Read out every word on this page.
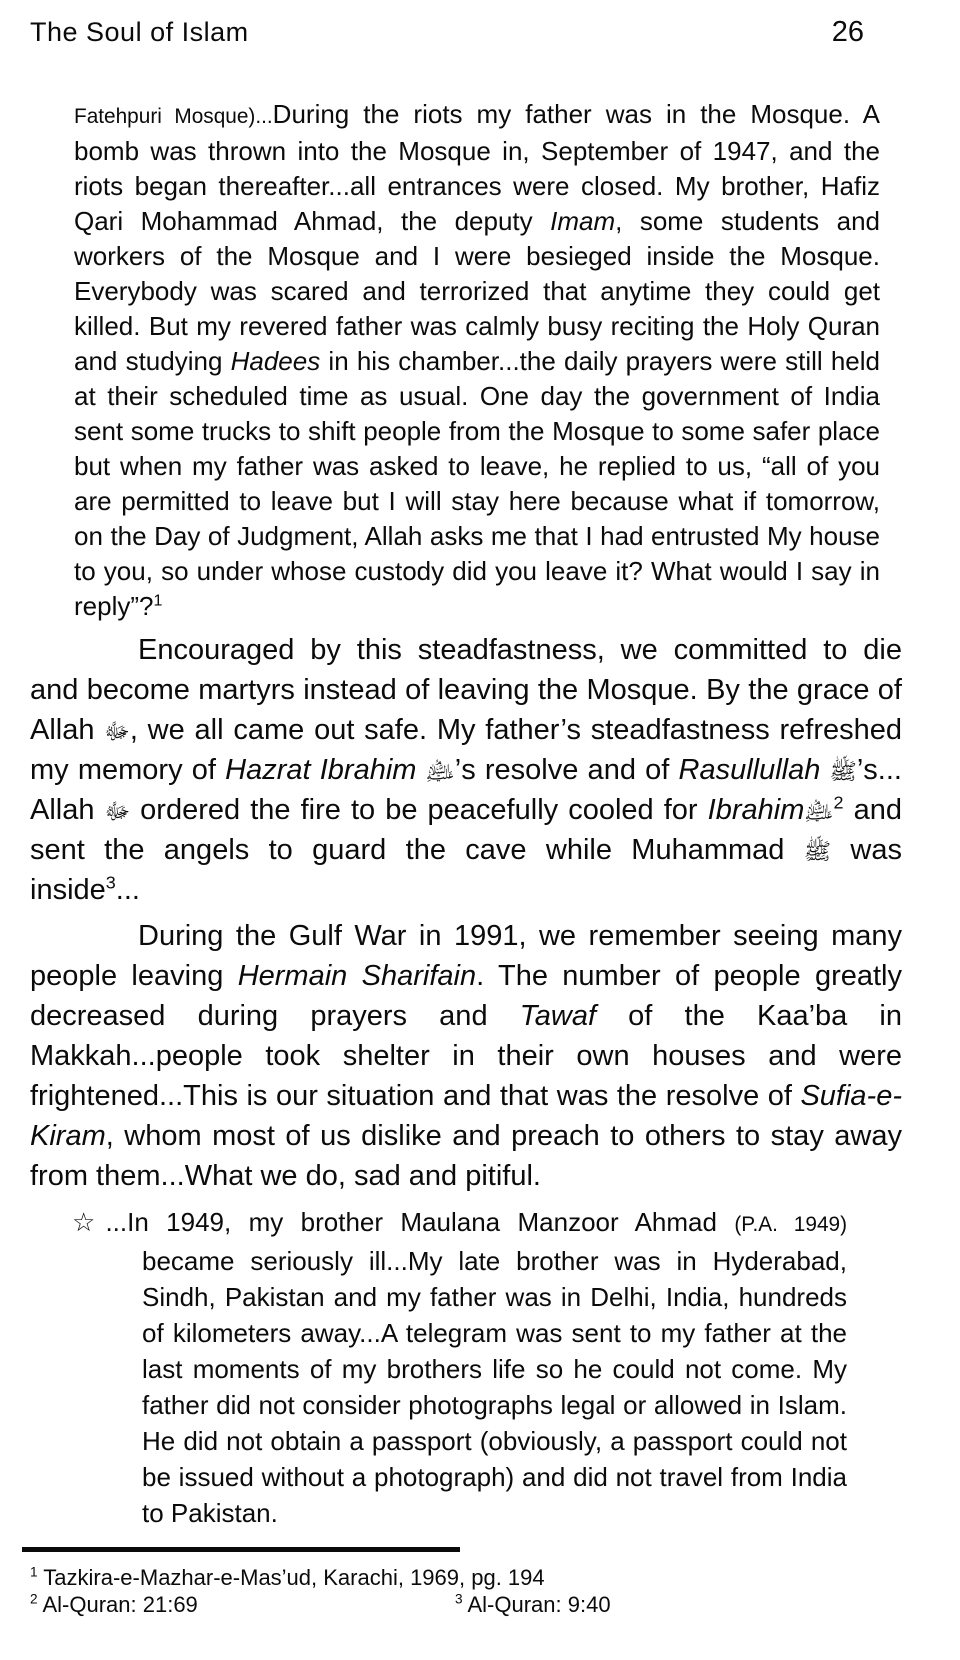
The Soul of Islam	26
Fatehpuri Mosque)...During the riots my father was in the Mosque. A bomb was thrown into the Mosque in, September of 1947, and the riots began thereafter...all entrances were closed. My brother, Hafiz Qari Mohammad Ahmad, the deputy Imam, some students and workers of the Mosque and I were besieged inside the Mosque. Everybody was scared and terrorized that anytime they could get killed. But my revered father was calmly busy reciting the Holy Quran and studying Hadees in his chamber...the daily prayers were still held at their scheduled time as usual. One day the government of India sent some trucks to shift people from the Mosque to some safer place but when my father was asked to leave, he replied to us, “all of you are permitted to leave but I will stay here because what if tomorrow, on the Day of Judgment, Allah asks me that I had entrusted My house to you, so under whose custody did you leave it? What would I say in reply”?$^1$
Encouraged by this steadfastness, we committed to die and become martyrs instead of leaving the Mosque. By the grace of Allah ﷻ, we all came out safe. My father’s steadfastness refreshed my memory of Hazrat Ibrahim ﵇’s resolve and of Rasullullah ﷺ’s... Allah ﷻ ordered the fire to be peacefully cooled for Ibrahim﵇$^2$ and sent the angels to guard the cave while Muhammad ﷺ was inside$^3$...
During the Gulf War in 1991, we remember seeing many people leaving Hermain Sharifain. The number of people greatly decreased during prayers and Tawaf of the Kaa’ba in Makkah...people took shelter in their own houses and were frightened...This is our situation and that was the resolve of Sufia-e-Kiram, whom most of us dislike and preach to others to stay away from them...What we do, sad and pitiful.
☆...In 1949, my brother Maulana Manzoor Ahmad (P.A. 1949) became seriously ill...My late brother was in Hyderabad, Sindh, Pakistan and my father was in Delhi, India, hundreds of kilometers away...A telegram was sent to my father at the last moments of my brothers life so he could not come. My father did not consider photographs legal or allowed in Islam. He did not obtain a passport (obviously, a passport could not be issued without a photograph) and did not travel from India to Pakistan.
$^1$ Tazkira-e-Mazhar-e-Mas’ud, Karachi, 1969, pg. 194
$^2$ Al-Quran: 21:69	$^3$ Al-Quran: 9:40
